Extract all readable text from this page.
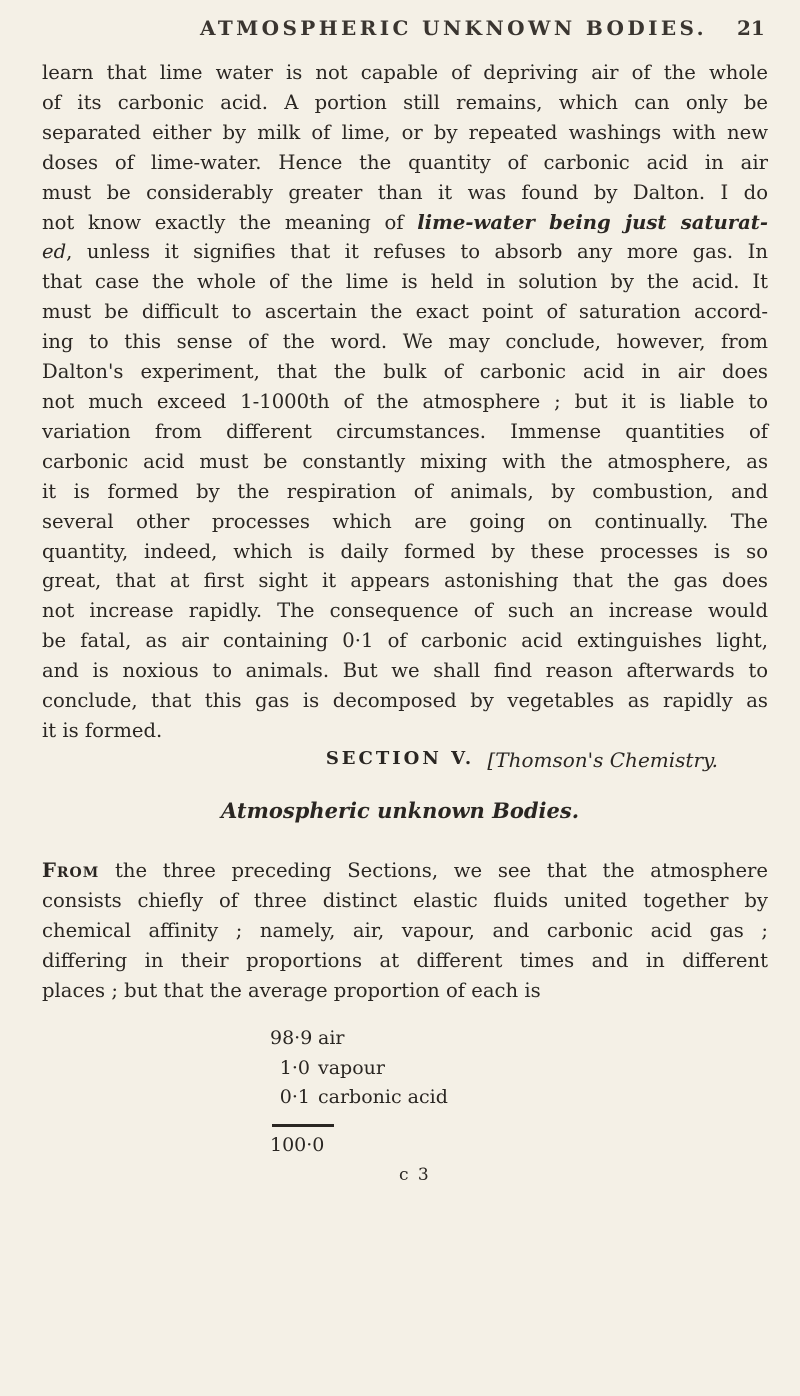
ATMOSPHERIC UNKNOWN BODIES. 21
learn that lime water is not capable of depriving air of the whole
of its carbonic acid. A portion still remains, which can only be
separated either by milk of lime, or by repeated washings with new
doses of lime-water. Hence the quantity of carbonic acid in air
must be considerably greater than it was found by Dalton. I do
not know exactly the meaning of lime-water being just saturat-
ed, unless it signifies that it refuses to absorb any more gas. In
that case the whole of the lime is held in solution by the acid. It
must be difficult to ascertain the exact point of saturation accord-
ing to this sense of the word. We may conclude, however, from
Dalton's experiment, that the bulk of carbonic acid in air does
not much exceed 1-1000th of the atmosphere ; but it is liable to
variation from different circumstances. Immense quantities of
carbonic acid must be constantly mixing with the atmosphere, as
it is formed by the respiration of animals, by combustion, and
several other processes which are going on continually. The
quantity, indeed, which is daily formed by these processes is so
great, that at first sight it appears astonishing that the gas does
not increase rapidly. The consequence of such an increase would
be fatal, as air containing 0·1 of carbonic acid extinguishes light,
and is noxious to animals. But we shall find reason afterwards to
conclude, that this gas is decomposed by vegetables as rapidly as
it is formed.
[Thomson's Chemistry.
SECTION V.
Atmospheric unknown Bodies.
From the three preceding Sections, we see that the atmosphere
consists chiefly of three distinct elastic fluids united together by
chemical affinity ; namely, air, vapour, and carbonic acid gas ;
differing in their proportions at different times and in different
places ; but that the average proportion of each is
98·9 air
1·0 vapour
0·1 carbonic acid
100·0
c 3
